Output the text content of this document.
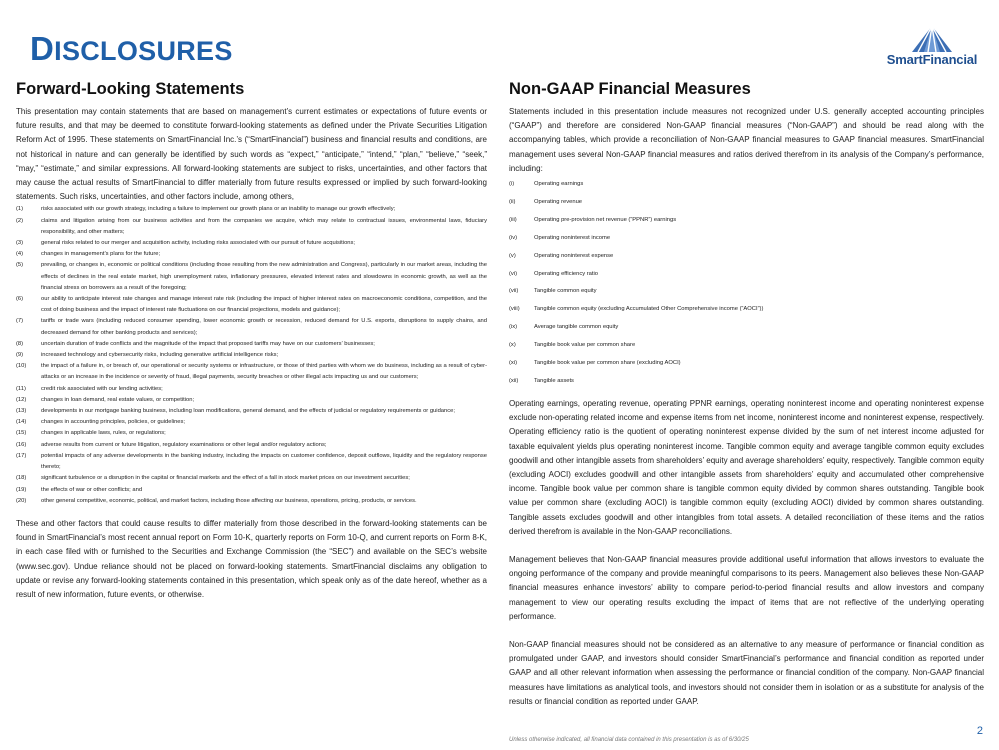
DISCLOSURES	SmartFinancial
Forward-Looking Statements

This presentation may contain statements that are based on management’s current estimates or expectations of future events or future results, and that may be deemed to constitute forward-looking statements as defined under the Private Securities Litigation Reform Act of 1995. These statements on SmartFinancial Inc.’s (“SmartFinancial”) business and financial results and conditions, are not historical in nature and can generally be identified by such words as “expect,” “anticipate,” “intend,” “plan,” “believe,” “seek,” “may,” “estimate,” and similar expressions. All forward-looking statements are subject to risks, uncertainties, and other factors that may cause the actual results of SmartFinancial to differ materially from future results expressed or implied by such forward-looking statements. Such risks, uncertainties, and other factors include, among others,

(1)	risks associated with our growth strategy, including a failure to implement our growth plans or an inability to manage our growth effectively;
(2)	claims and litigation arising from our business activities and from the companies we acquire, which may relate to contractual issues, environmental laws, fiduciary responsibility, and other matters;
(3)	general risks related to our merger and acquisition activity, including risks associated with our pursuit of future acquisitions;
(4)	changes in management’s plans for the future;
(5)	prevailing, or changes in, economic or political conditions (including those resulting from the new administration and Congress), particularly in our market areas, including the effects of declines in the real estate market, high unemployment rates, inflationary pressures, elevated interest rates and slowdowns in economic growth, as well as the financial stress on borrowers as a result of the foregoing;
(6)	our ability to anticipate interest rate changes and manage interest rate risk (including the impact of higher interest rates on macroeconomic conditions, competition, and the cost of doing business and the impact of interest rate fluctuations on our financial projections, models and guidance);
(7)	tariffs or trade wars (including reduced consumer spending, lower economic growth or recession, reduced demand for U.S. exports, disruptions to supply chains, and decreased demand for other banking products and services);
(8)	uncertain duration of trade conflicts and the magnitude of the impact that proposed tariffs may have on our customers’ businesses;
(9)	increased technology and cybersecurity risks, including generative artificial intelligence risks;
(10)	the impact of a failure in, or breach of, our operational or security systems or infrastructure, or those of third parties with whom we do business, including as a result of cyber-attacks or an increase in the incidence or severity of fraud, illegal payments, security breaches or other illegal acts impacting us and our customers;
(11)	credit risk associated with our lending activities;
(12)	changes in loan demand, real estate values, or competition;
(13)	developments in our mortgage banking business, including loan modifications, general demand, and the effects of judicial or regulatory requirements or guidance;
(14)	changes in accounting principles, policies, or guidelines;
(15)	changes in applicable laws, rules, or regulations;
(16)	adverse results from current or future litigation, regulatory examinations or other legal and/or regulatory actions;
(17)	potential impacts of any adverse developments in the banking industry, including the impacts on customer confidence, deposit outflows, liquidity and the regulatory response thereto;
(18)	significant turbulence or a disruption in the capital or financial markets and the effect of a fall in stock market prices on our investment securities;
(19)	the effects of war or other conflicts; and
(20)	other general competitive, economic, political, and market factors, including those affecting our business, operations, pricing, products, or services.

These and other factors that could cause results to differ materially from those described in the forward-looking statements can be found in SmartFinancial’s most recent annual report on Form 10-K, quarterly reports on Form 10-Q, and current reports on Form 8-K, in each case filed with or furnished to the Securities and Exchange Commission (the “SEC”) and available on the SEC’s website (www.sec.gov). Undue reliance should not be placed on forward-looking statements. SmartFinancial disclaims any obligation to update or revise any forward-looking statements contained in this presentation, which speak only as of the date hereof, whether as a result of new information, future events, or otherwise.

Non-GAAP Financial Measures

Statements included in this presentation include measures not recognized under U.S. generally accepted accounting principles (“GAAP”) and therefore are considered Non-GAAP financial measures (“Non-GAAP”) and should be read along with the accompanying tables, which provide a reconciliation of Non-GAAP financial measures to GAAP financial measures. SmartFinancial management uses several Non-GAAP financial measures and ratios derived therefrom in its analysis of the Company’s performance, including:

(i)	Operating earnings
(ii)	Operating revenue
(iii)	Operating pre-provision net revenue (“PPNR”) earnings
(iv)	Operating noninterest income
(v)	Operating noninterest expense
(vi)	Operating efficiency ratio
(vii)	Tangible common equity
(viii) Tangible common equity (excluding Accumulated Other Comprehensive income (“AOCI”))
(ix)	Average tangible common equity
(x)	Tangible book value per common share
(xi)	Tangible book value per common share (excluding AOCI)
(xii)	Tangible assets

Operating earnings, operating revenue, operating PPNR earnings, operating noninterest income and operating noninterest expense exclude non-operating related income and expense items from net income, noninterest income and noninterest expense, respectively. Operating efficiency ratio is the quotient of operating noninterest expense divided by the sum of net interest income adjusted for taxable equivalent yields plus operating noninterest income. Tangible common equity and average tangible common equity excludes goodwill and other intangible assets from shareholders’ equity and average shareholders’ equity, respectively. Tangible common equity (excluding AOCI) excludes goodwill and other intangible assets from shareholders’ equity and accumulated other comprehensive income. Tangible book value per common share is tangible common equity divided by common shares outstanding. Tangible book value per common share (excluding AOCI) is tangible common equity (excluding AOCI) divided by common shares outstanding. Tangible assets excludes goodwill and other intangibles from total assets. A detailed reconciliation of these items and the ratios derived therefrom is available in the Non-GAAP reconciliations.

Management believes that Non-GAAP financial measures provide additional useful information that allows investors to evaluate the ongoing performance of the company and provide meaningful comparisons to its peers. Management also believes these Non-GAAP financial measures enhance investors’ ability to compare period-to-period financial results and allow investors and company management to view our operating results excluding the impact of items that are not reflective of the underlying operating performance.

Non-GAAP financial measures should not be considered as an alternative to any measure of performance or financial condition as promulgated under GAAP, and investors should consider SmartFinancial’s performance and financial condition as reported under GAAP and all other relevant information when assessing the performance or financial condition of the company. Non-GAAP financial measures have limitations as analytical tools, and investors should not consider them in isolation or as a substitute for analysis of the results or financial condition as reported under GAAP.

Unless otherwise indicated, all financial data contained in this presentation is as of 6/30/25
2
